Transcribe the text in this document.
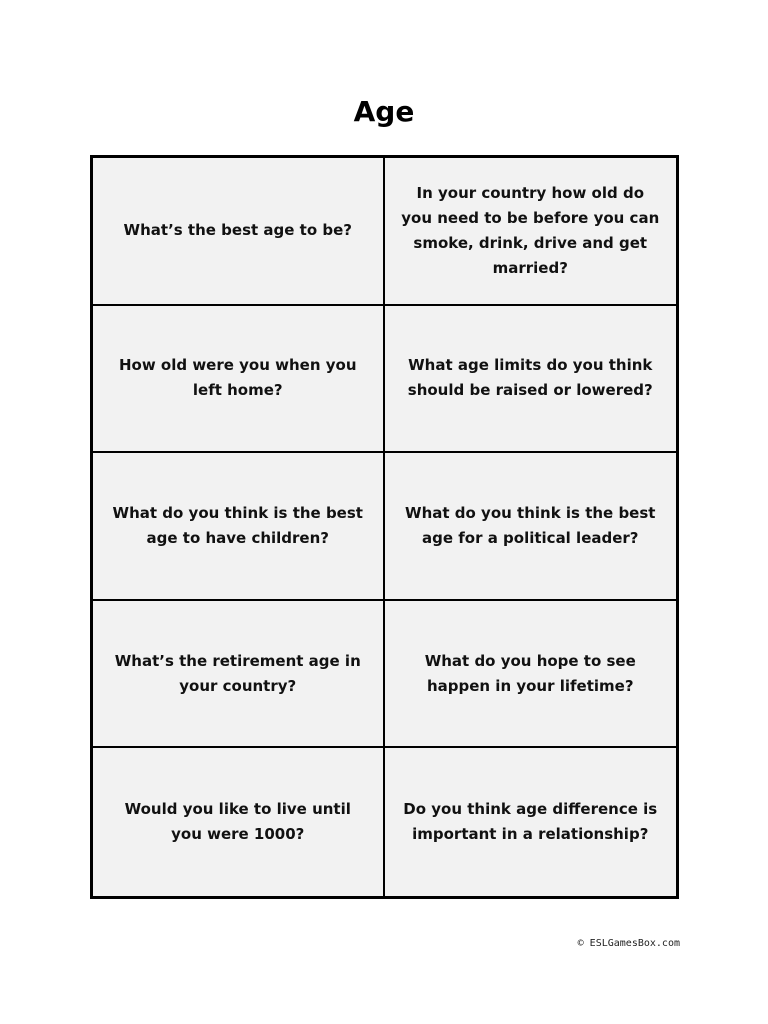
Age
What’s the best age to be?
In your country how old do you need to be before you can smoke, drink, drive and get married?
How old were you when you left home?
What age limits do you think should be raised or lowered?
What do you think is the best age to have children?
What do you think is the best age for a political leader?
What’s the retirement age in your country?
What do you hope to see happen in your lifetime?
Would you like to live until you were 1000?
Do you think age difference is important in a relationship?
© ESLGamesBox.com
